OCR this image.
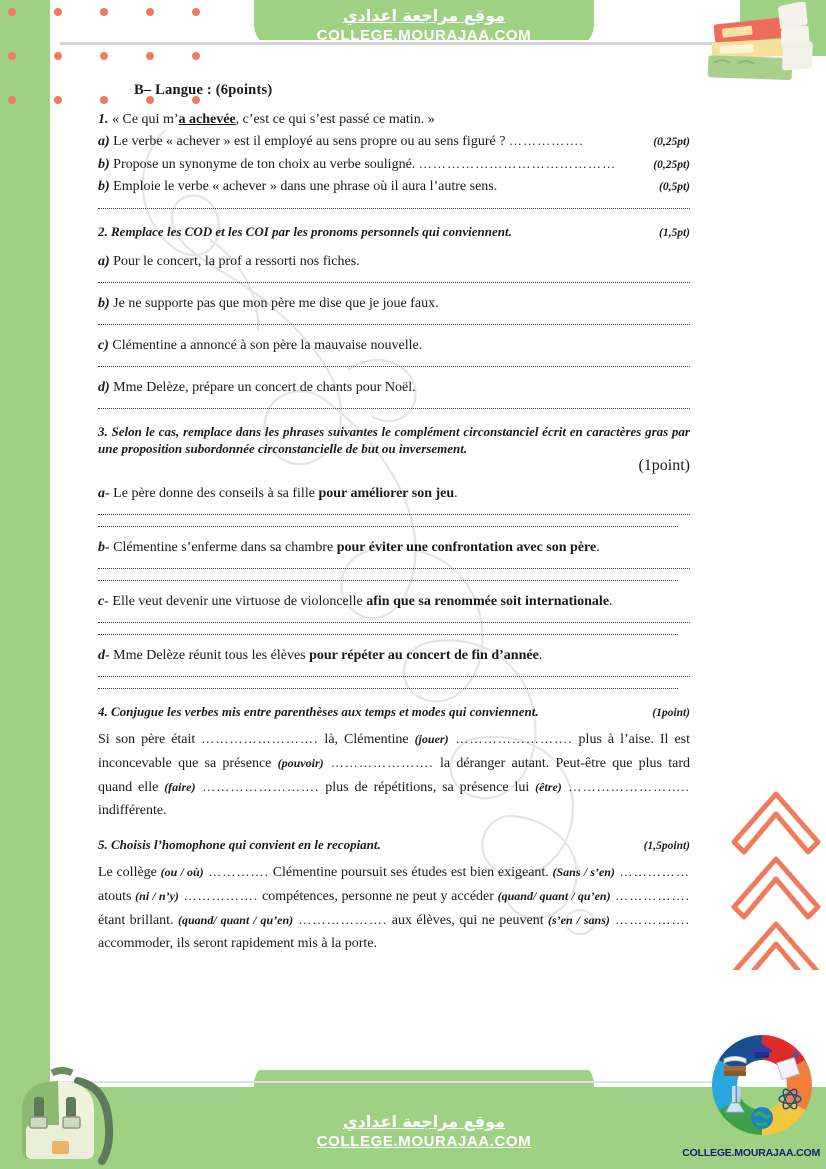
موقع مراجعة اعدادي
COLLEGE.MOURAJAA.COM
موقع مراجعة اعدادي
COLLEGE.MOURAJAA.COM
COLLEGE.MOURAJAA.COM
B– Langue : (6points)
1. « Ce qui m’a achevée, c’est ce qui s’est passé ce matin. »
a) Le verbe « achever » est il employé au sens propre ou au sens figuré ? …………….	(0,25pt)
b) Propose un synonyme de ton choix au verbe souligné. ……………………………………	(0,25pt)
b) Emploie le verbe « achever » dans une phrase où il aura l’autre sens.	(0,5pt)
2. Remplace les COD et les COI par les pronoms personnels qui conviennent.	(1,5pt)
a) Pour le concert, la prof a ressorti nos fiches.
b) Je ne supporte pas que mon père me dise que je joue faux.
c) Clémentine a annoncé à son père la mauvaise nouvelle.
d) Mme Delèze, prépare un concert de chants pour Noël.
3. Selon le cas, remplace dans les phrases suivantes le complément circonstanciel écrit en caractères gras par une proposition subordonnée circonstancielle de but ou inversement.
(1point)
a- Le père donne des conseils à sa fille pour améliorer son jeu.
b- Clémentine s’enferme dans sa chambre pour éviter une confrontation avec son père.
c- Elle veut devenir une virtuose de violoncelle afin que sa renommée soit internationale.
d- Mme Delèze réunit tous les élèves pour répéter au concert de fin d’année.
4. Conjugue les verbes mis entre parenthèses aux temps et modes qui conviennent.	(1point)
Si son père était ……………………. là, Clémentine (jouer) ……………………. plus à l’aise. Il est inconcevable que sa présence (pouvoir) …………………. la déranger autant. Peut-être que plus tard quand elle (faire) ……………………. plus de répétitions, sa présence lui (être) …………………….. indifférente.
5. Choisis l’homophone qui convient en le recopiant.	(1,5point)
Le collège (ou / où) …………. Clémentine poursuit ses études est bien exigeant. (Sans / s’en) …………… atouts (ni / n’y) ……………. compétences, personne ne peut y accéder (quand/ quant / qu’en) ……………. étant brillant. (quand/ quant / qu’en) ………………. aux élèves, qui ne peuvent (s’en / sans) ……………. accommoder, ils seront rapidement mis à la porte.
